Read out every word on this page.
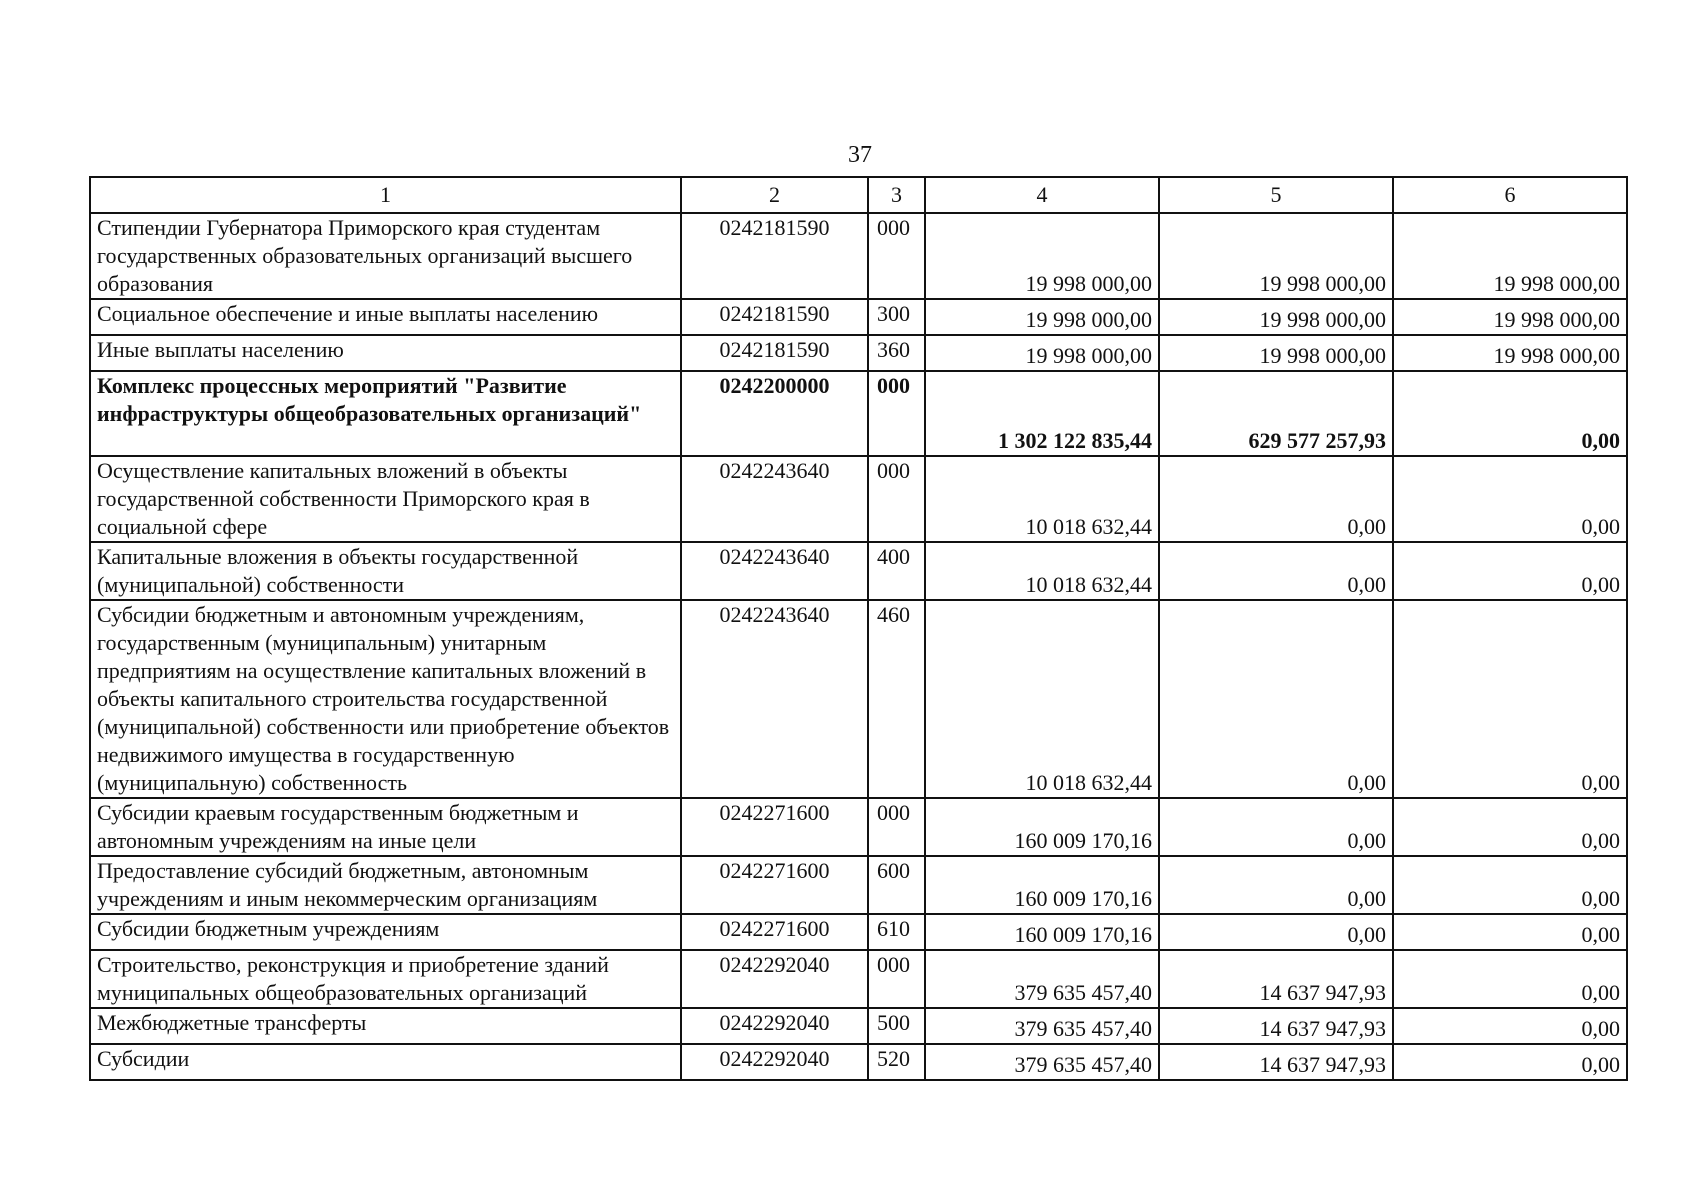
37
1	2	3	4	5	6
Стипендии Губернатора Приморского края студентам государственных образовательных организаций высшего образования	0242181590	000	19 998 000,00	19 998 000,00	19 998 000,00
Социальное обеспечение и иные выплаты населению	0242181590	300	19 998 000,00	19 998 000,00	19 998 000,00
Иные выплаты населению	0242181590	360	19 998 000,00	19 998 000,00	19 998 000,00
Комплекс процессных мероприятий "Развитие инфраструктуры общеобразовательных организаций"	0242200000	000	1 302 122 835,44	629 577 257,93	0,00
Осуществление капитальных вложений в объекты государственной собственности Приморского края в социальной сфере	0242243640	000	10 018 632,44	0,00	0,00
Капитальные вложения в объекты государственной (муниципальной) собственности	0242243640	400	10 018 632,44	0,00	0,00
Субсидии бюджетным и автономным учреждениям, государственным (муниципальным) унитарным предприятиям на осуществление капитальных вложений в объекты капитального строительства государственной (муниципальной) собственности или приобретение объектов недвижимого имущества в государственную (муниципальную) собственность	0242243640	460	10 018 632,44	0,00	0,00
Субсидии краевым государственным бюджетным и автономным учреждениям на иные цели	0242271600	000	160 009 170,16	0,00	0,00
Предоставление субсидий бюджетным, автономным учреждениям и иным некоммерческим организациям	0242271600	600	160 009 170,16	0,00	0,00
Субсидии бюджетным учреждениям	0242271600	610	160 009 170,16	0,00	0,00
Строительство, реконструкция и приобретение зданий муниципальных общеобразовательных организаций	0242292040	000	379 635 457,40	14 637 947,93	0,00
Межбюджетные трансферты	0242292040	500	379 635 457,40	14 637 947,93	0,00
Субсидии	0242292040	520	379 635 457,40	14 637 947,93	0,00
